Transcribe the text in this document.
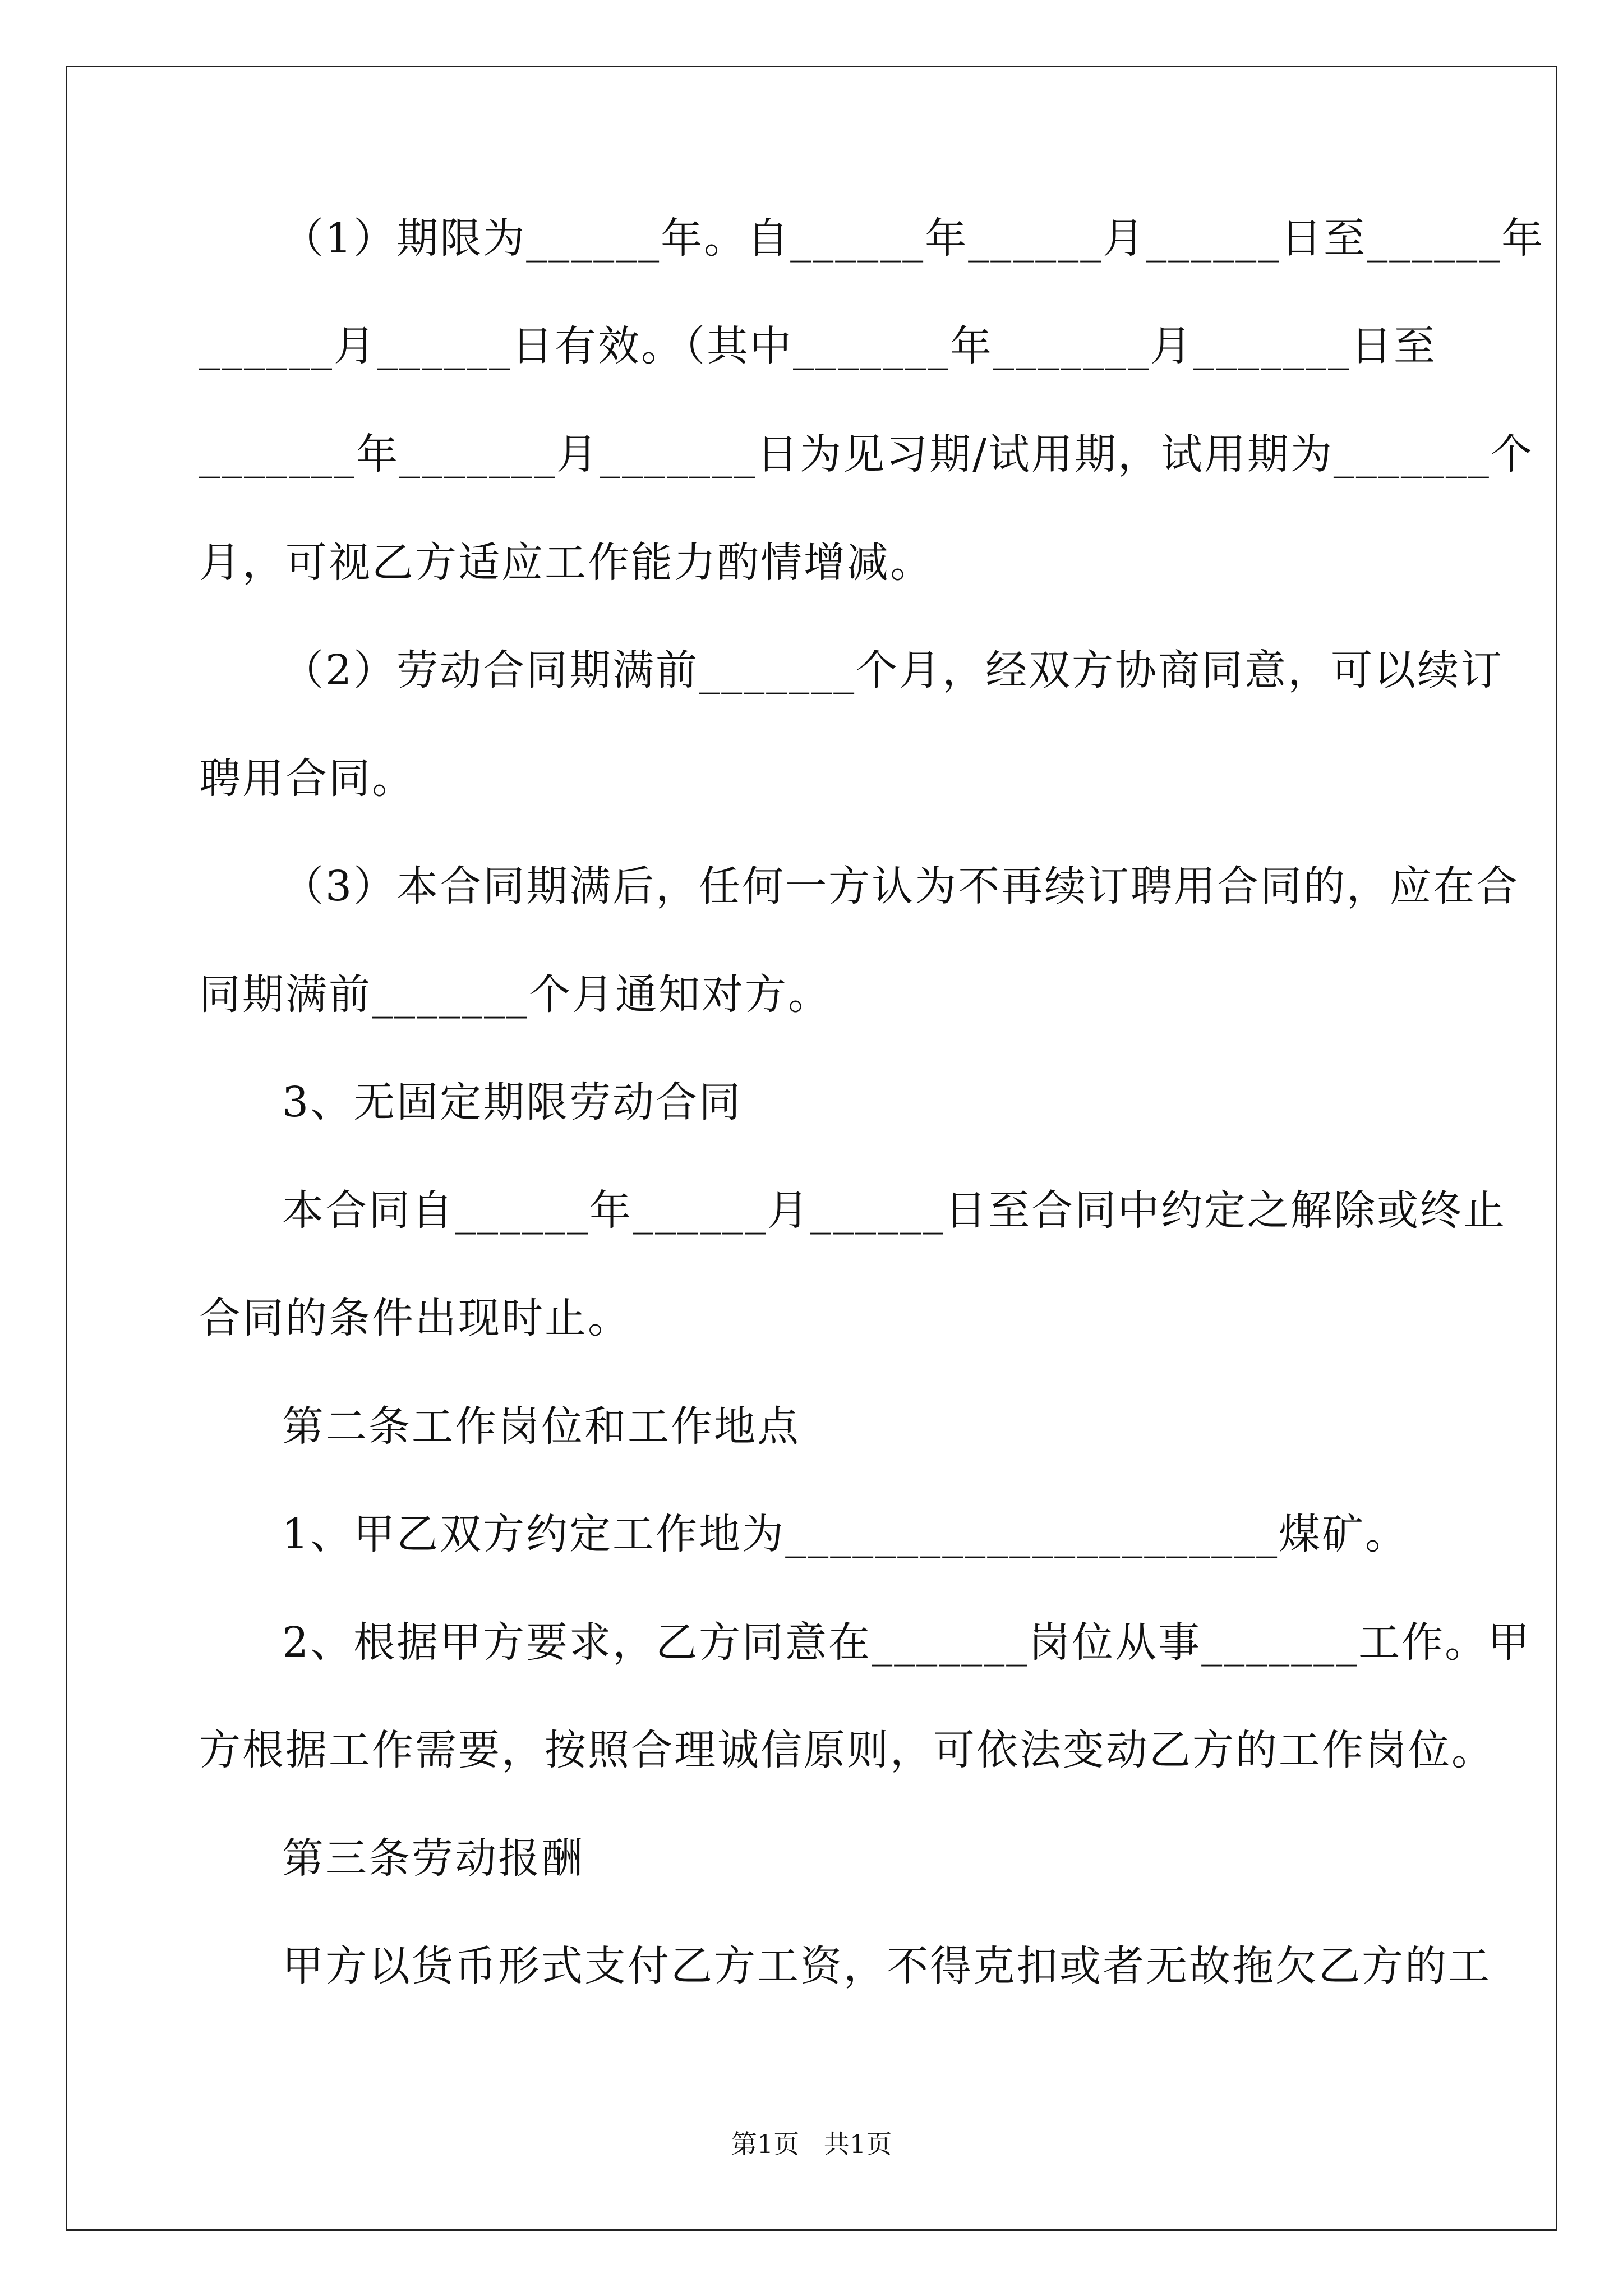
（1）期限为______年。自______年______月______日至______年
______月______日有效。（其中_______年_______月_______日至
_______年_______月_______日为见习期/试用期，试用期为_______个
月，可视乙方适应工作能力酌情增减。
（2）劳动合同期满前_______个月，经双方协商同意，可以续订
聘用合同。
（3）本合同期满后，任何一方认为不再续订聘用合同的，应在合
同期满前_______个月通知对方。
3、无固定期限劳动合同
本合同自______年______月______日至合同中约定之解除或终止
合同的条件出现时止。
第二条工作岗位和工作地点
1、甲乙双方约定工作地为______________________煤矿。
2、根据甲方要求，乙方同意在_______岗位从事_______工作。甲
方根据工作需要，按照合理诚信原则，可依法变动乙方的工作岗位。
第三条劳动报酬
甲方以货币形式支付乙方工资，不得克扣或者无故拖欠乙方的工
第1页   共1页
